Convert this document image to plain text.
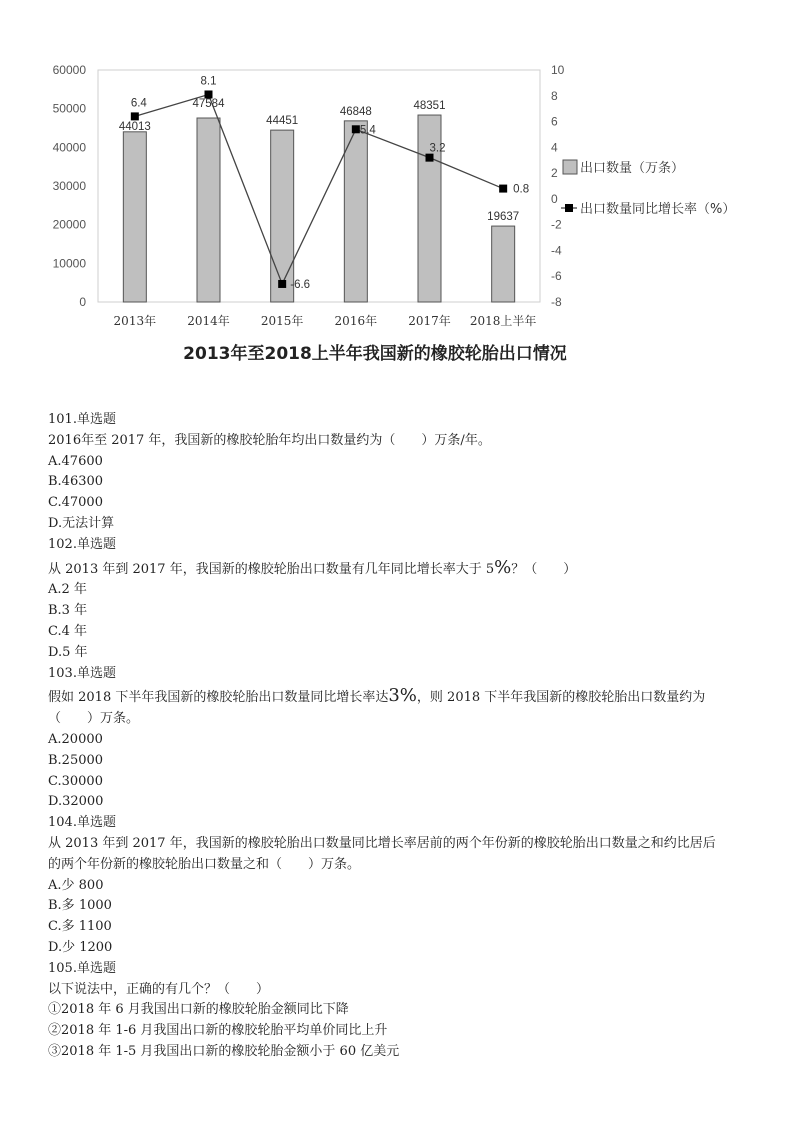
60000
50000
40000
30000
20000
10000
0
10
8
6
4
2
0
-2
-4
-6
-8
44013
47584
44451
46848	48351
19637
6.4
8.1
-6.6
5.4
3.2
0.8
2013年	2014年	2015年	2016年	2017年 2018上半年
出口数量（万条）
出口数量同比增长率（%）
2013年至2018上半年我国新的橡胶轮胎出口情况
101.单选题
2016年至 2017 年，我国新的橡胶轮胎年均出口数量约为（　　）万条/年。
A.47600
B.46300
C.47000
D.无法计算
102.单选题
从 2013 年到 2017 年，我国新的橡胶轮胎出口数量有几年同比增长率大于 5%？（　　）
A.2 年
B.3 年
C.4 年
D.5 年
103.单选题
假如 2018 下半年我国新的橡胶轮胎出口数量同比增长率达3%，则 2018 下半年我国新的橡胶轮胎出口数量约为
（　　）万条。
A.20000
B.25000
C.30000
D.32000
104.单选题
从 2013 年到 2017 年，我国新的橡胶轮胎出口数量同比增长率居前的两个年份新的橡胶轮胎出口数量之和约比居后
的两个年份新的橡胶轮胎出口数量之和（　　）万条。
A.少 800
B.多 1000
C.多 1100
D.少 1200
105.单选题
以下说法中，正确的有几个？（　　）
①2018 年 6 月我国出口新的橡胶轮胎金额同比下降
②2018 年 1-6 月我国出口新的橡胶轮胎平均单价同比上升
③2018 年 1-5 月我国出口新的橡胶轮胎金额小于 60 亿美元
